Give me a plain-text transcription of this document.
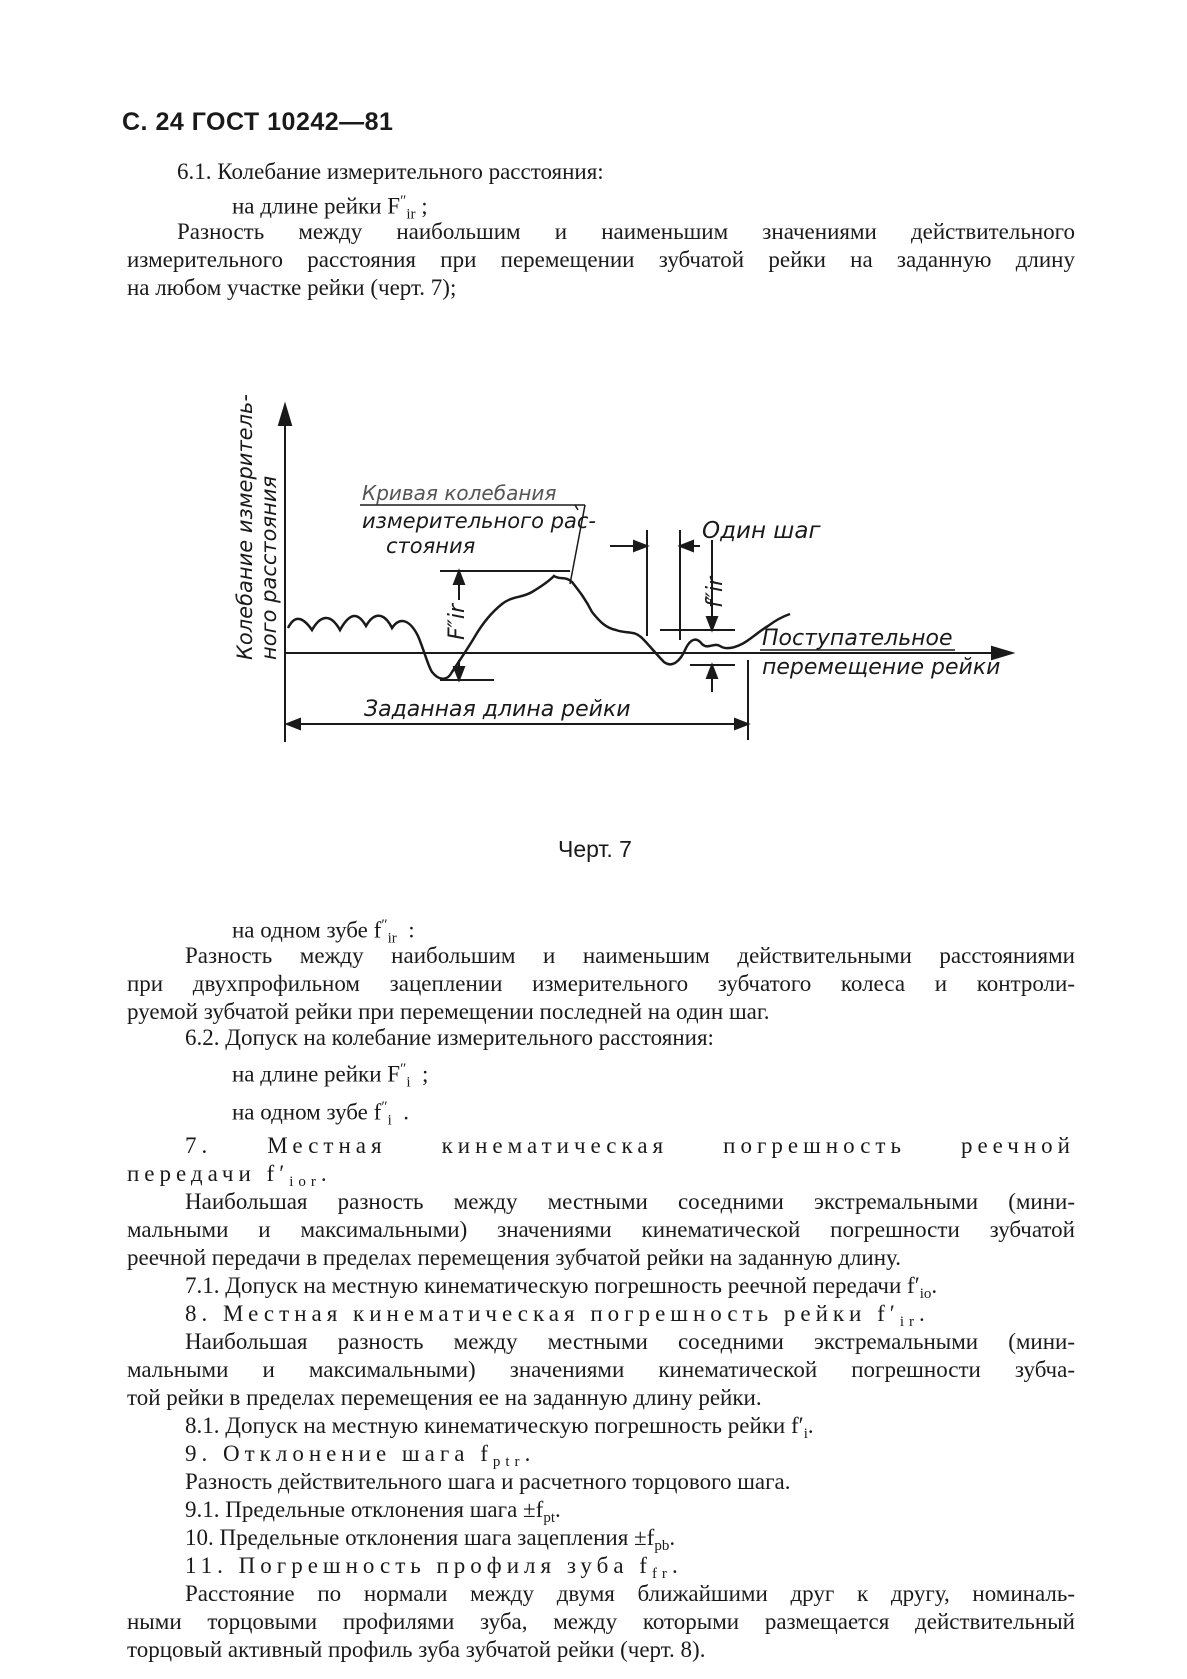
С. 24 ГОСТ 10242—81
6.1. Колебание измерительного расстояния:
на длине рейки $F''_{ir}$ ;
Разность между наибольшим и наименьшим значениями действительного
измерительного расстояния при перемещении зубчатой рейки на заданную длину
на любом участке рейки (черт. 7);
Колебание измеритель- ного расстояния	Кривая колебания
измерительного рас-
стояния
Один шаг
F″ir
f″ir
Поступательное
перемещение рейки
Заданная длина рейки
Черт. 7
на одном зубе $f''_{ir}$ :
Разность между наибольшим и наименьшим действительными расстояниями
при двухпрофильном зацеплении измерительного зубчатого колеса и контроли-
руемой зубчатой рейки при перемещении последней на один шаг.
6.2. Допуск на колебание измерительного расстояния:
на длине рейки $F''_i$ ;
на одном зубе $f''_i$ .
7. Местная кинематическая погрешность реечной
передачи $f'_{ior}$.
Наибольшая разность между местными соседними экстремальными (мини-
мальными и максимальными) значениями кинематической погрешности зубчатой
реечной передачи в пределах перемещения зубчатой рейки на заданную длину.
7.1. Допуск на местную кинематическую погрешность реечной передачи $f'_{io}$.
8. Местная кинематическая погрешность рейки $f'_{ir}$.
Наибольшая разность между местными соседними экстремальными (мини-
мальными и максимальными) значениями кинематической погрешности зубча-
той рейки в пределах перемещения ее на заданную длину рейки.
8.1. Допуск на местную кинематическую погрешность рейки $f'_i$.
9. Отклонение шага $f_{ptr}$.
Разность действительного шага и расчетного торцового шага.
9.1. Предельные отклонения шага $\pm f_{pt}$.
10. Предельные отклонения шага зацепления $\pm f_{pb}$.
11. Погрешность профиля зуба $f_{fr}$.
Расстояние по нормали между двумя ближайшими друг к другу, номиналь-
ными торцовыми профилями зуба, между которыми размещается действительный
торцовый активный профиль зуба зубчатой рейки (черт. 8).
